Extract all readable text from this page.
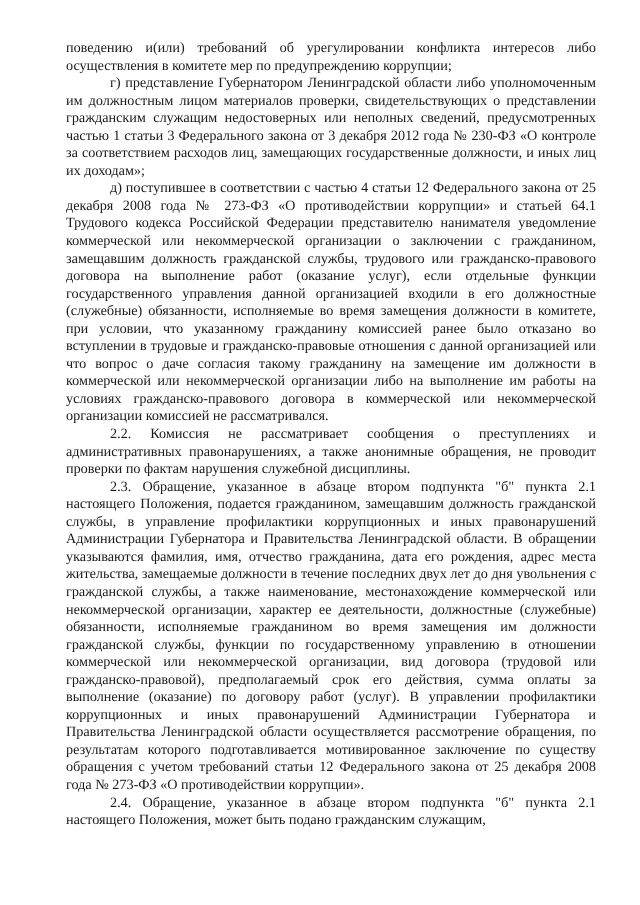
поведению и(или) требований об урегулировании конфликта интересов либо осуществления в комитете мер по предупреждению коррупции;

г) представление Губернатором Ленинградской области либо уполномоченным им должностным лицом материалов проверки, свидетельствующих о представлении гражданским служащим недостоверных или неполных сведений, предусмотренных частью 1 статьи 3 Федерального закона от 3 декабря 2012 года № 230-ФЗ «О контроле за соответствием расходов лиц, замещающих государственные должности, и иных лиц их доходам»;

д) поступившее в соответствии с частью 4 статьи 12 Федерального закона от 25 декабря 2008 года № 273-ФЗ «О противодействии коррупции» и статьей 64.1 Трудового кодекса Российской Федерации представителю нанимателя уведомление коммерческой или некоммерческой организации о заключении с гражданином, замещавшим должность гражданской службы, трудового или гражданско-правового договора на выполнение работ (оказание услуг), если отдельные функции государственного управления данной организацией входили в его должностные (служебные) обязанности, исполняемые во время замещения должности в комитете, при условии, что указанному гражданину комиссией ранее было отказано во вступлении в трудовые и гражданско-правовые отношения с данной организацией или что вопрос о даче согласия такому гражданину на замещение им должности в коммерческой или некоммерческой организации либо на выполнение им работы на условиях гражданско-правового договора в коммерческой или некоммерческой организации комиссией не рассматривался.

2.2. Комиссия не рассматривает сообщения о преступлениях и административных правонарушениях, а также анонимные обращения, не проводит проверки по фактам нарушения служебной дисциплины.

2.3. Обращение, указанное в абзаце втором подпункта "б" пункта 2.1 настоящего Положения, подается гражданином, замещавшим должность гражданской службы, в управление профилактики коррупционных и иных правонарушений Администрации Губернатора и Правительства Ленинградской области. В обращении указываются фамилия, имя, отчество гражданина, дата его рождения, адрес места жительства, замещаемые должности в течение последних двух лет до дня увольнения с гражданской службы, а также наименование, местонахождение коммерческой или некоммерческой организации, характер ее деятельности, должностные (служебные) обязанности, исполняемые гражданином во время замещения им должности гражданской службы, функции по государственному управлению в отношении коммерческой или некоммерческой организации, вид договора (трудовой или гражданско-правовой), предполагаемый срок его действия, сумма оплаты за выполнение (оказание) по договору работ (услуг). В управлении профилактики коррупционных и иных правонарушений Администрации Губернатора и Правительства Ленинградской области осуществляется рассмотрение обращения, по результатам которого подготавливается мотивированное заключение по существу обращения с учетом требований статьи 12 Федерального закона от 25 декабря 2008 года № 273-ФЗ «О противодействии коррупции».

2.4. Обращение, указанное в абзаце втором подпункта "б" пункта 2.1 настоящего Положения, может быть подано гражданским служащим,
